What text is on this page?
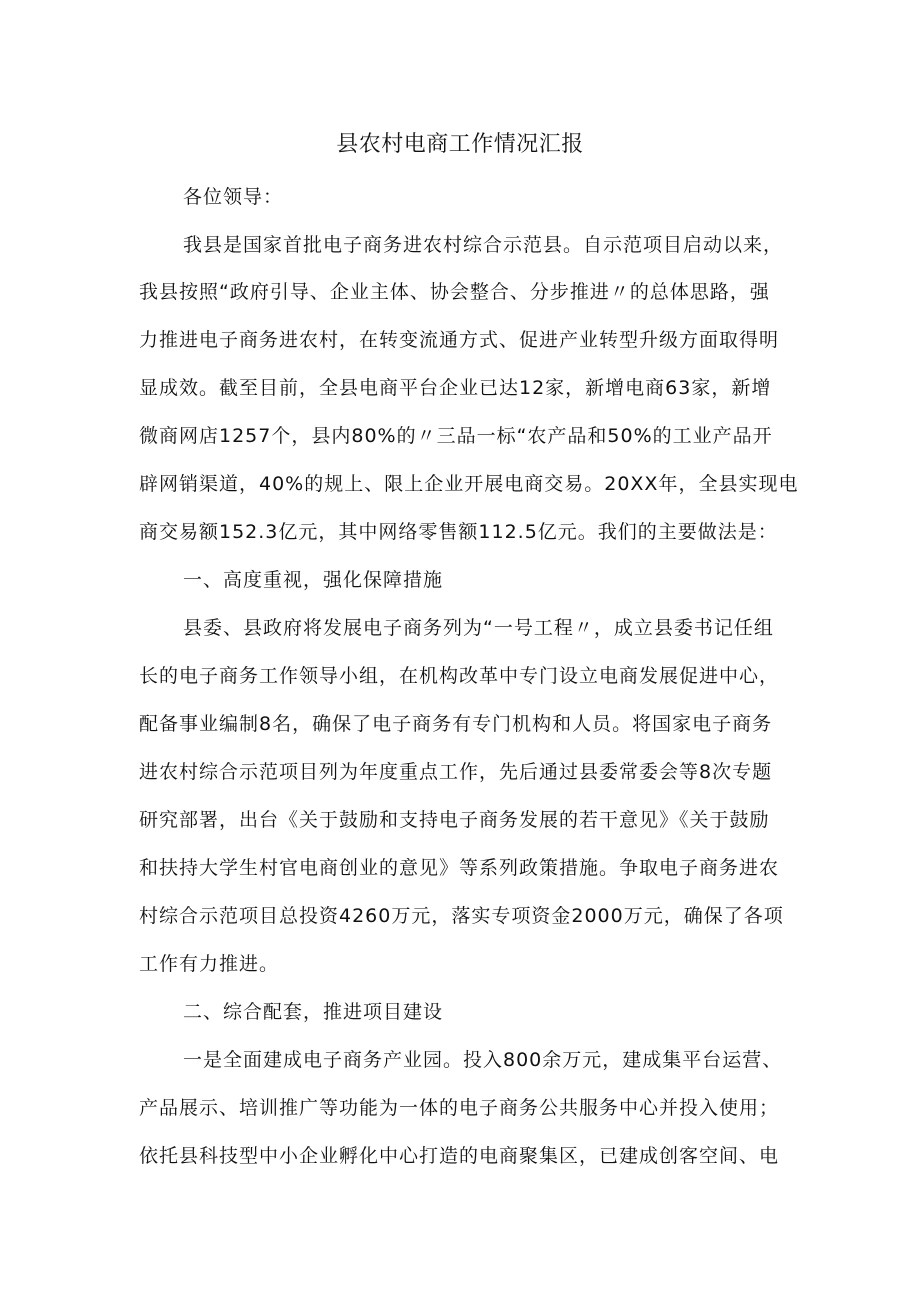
县农村电商工作情况汇报

各位领导：

我县是国家首批电子商务进农村综合示范县。自示范项目启动以来，

我县按照“政府引导、企业主体、协会整合、分步推进〃的总体思路，强

力推进电子商务进农村，在转变流通方式、促进产业转型升级方面取得明

显成效。截至目前，全县电商平台企业已达12家，新增电商63家，新增

微商网店1257个，县内80%的〃三品一标“农产品和50%的工业产品开

辟网销渠道，40%的规上、限上企业开展电商交易。20XX年，全县实现电

商交易额152.3亿元，其中网络零售额112.5亿元。我们的主要做法是：

一、高度重视，强化保障措施

县委、县政府将发展电子商务列为“一号工程〃，成立县委书记任组

长的电子商务工作领导小组，在机构改革中专门设立电商发展促进中心，

配备事业编制8名，确保了电子商务有专门机构和人员。将国家电子商务

进农村综合示范项目列为年度重点工作，先后通过县委常委会等8次专题

研究部署，出台《关于鼓励和支持电子商务发展的若干意见》《关于鼓励

和扶持大学生村官电商创业的意见》等系列政策措施。争取电子商务进农

村综合示范项目总投资4260万元，落实专项资金2000万元，确保了各项

工作有力推进。

二、综合配套，推进项目建设

一是全面建成电子商务产业园。投入800余万元，建成集平台运营、

产品展示、培训推广等功能为一体的电子商务公共服务中心并投入使用；

依托县科技型中小企业孵化中心打造的电商聚集区，已建成创客空间、电
